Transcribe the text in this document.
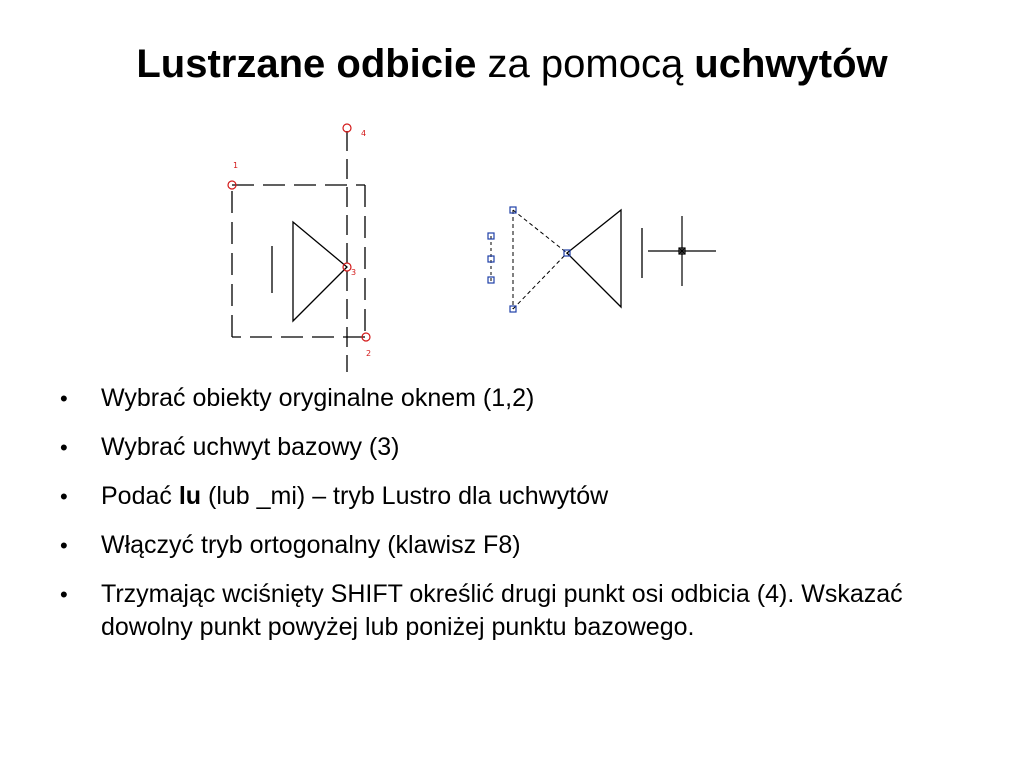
Lustrzane odbicie za pomocą uchwytów
4
1
3
2
•	Wybrać obiekty oryginalne oknem (1,2)
•	Wybrać uchwyt bazowy (3)
•	Podać lu (lub _mi) – tryb Lustro dla uchwytów
•	Włączyć tryb ortogonalny (klawisz F8)
•	Trzymając wciśnięty SHIFT określić drugi punkt osi odbicia (4). Wskazać dowolny punkt powyżej lub poniżej punktu bazowego.
